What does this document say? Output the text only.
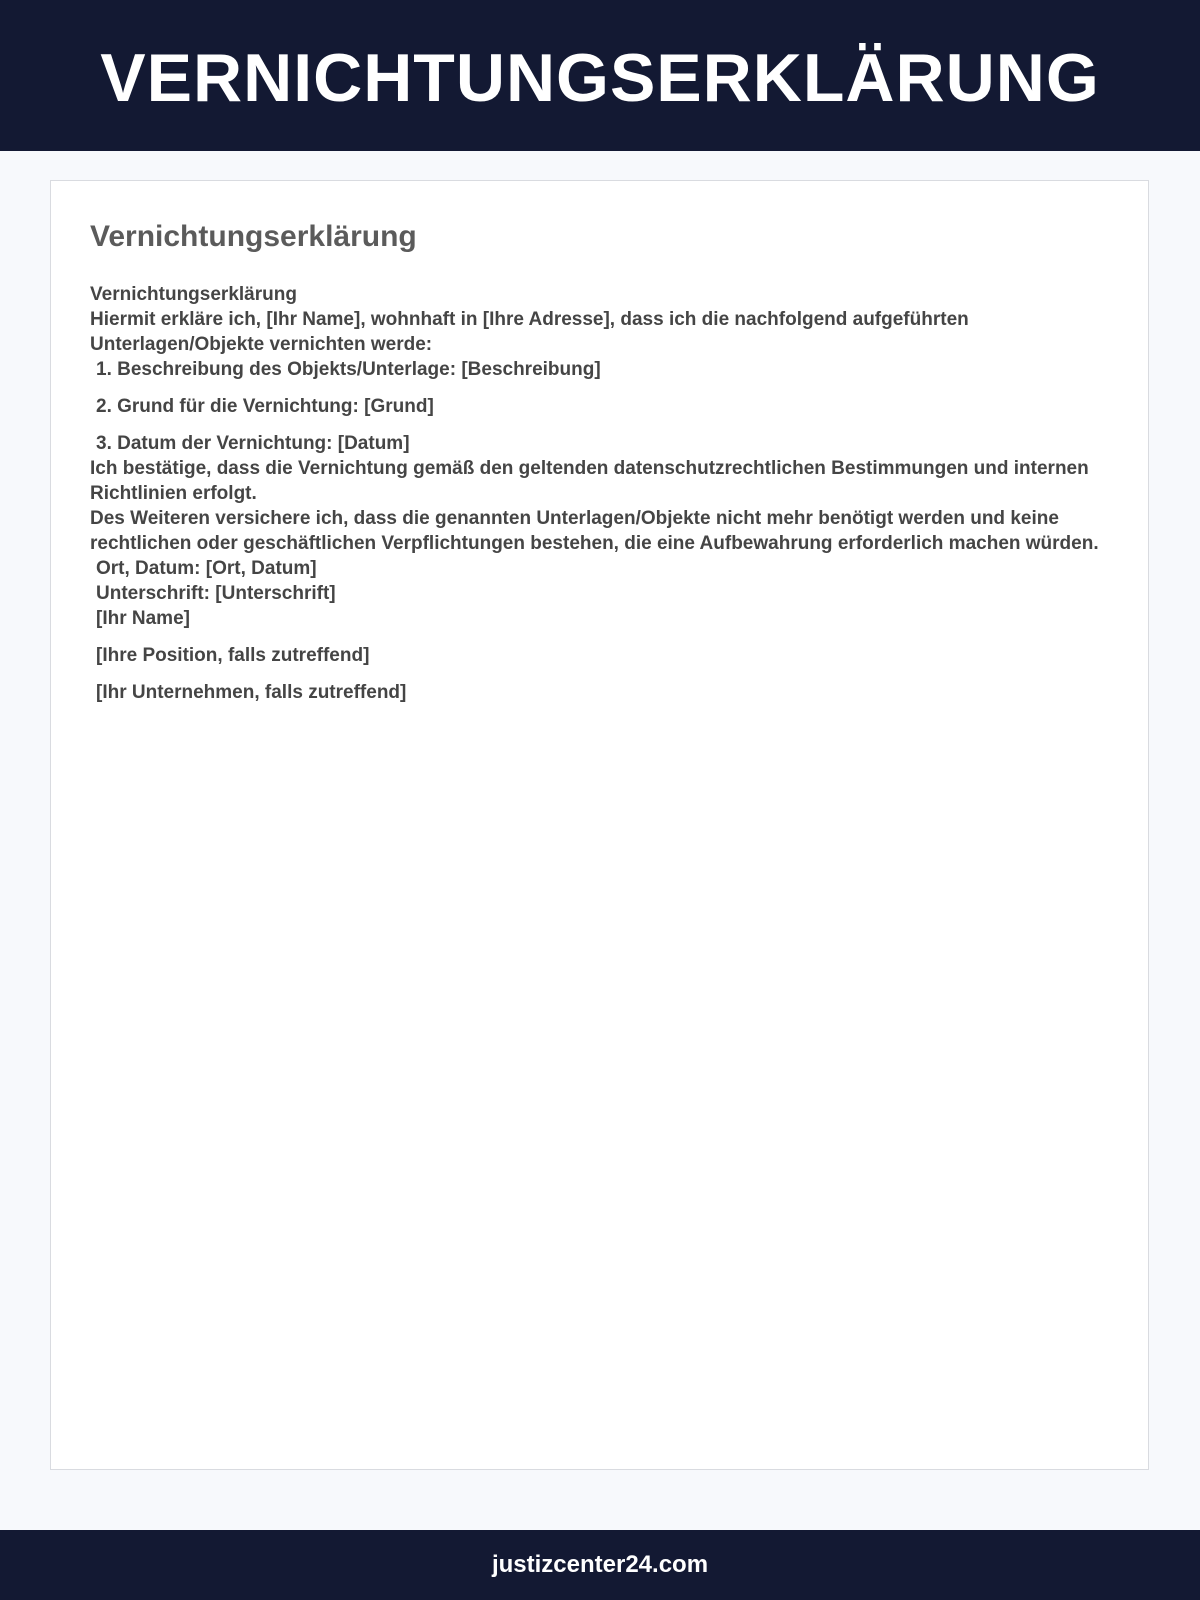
VERNICHTUNGSERKLÄRUNG
Vernichtungserklärung
Vernichtungserklärung
Hiermit erkläre ich, [Ihr Name], wohnhaft in [Ihre Adresse], dass ich die nachfolgend aufgeführten Unterlagen/Objekte vernichten werde:
1. Beschreibung des Objekts/Unterlage: [Beschreibung]
2. Grund für die Vernichtung: [Grund]
3. Datum der Vernichtung: [Datum]
Ich bestätige, dass die Vernichtung gemäß den geltenden datenschutzrechtlichen Bestimmungen und internen Richtlinien erfolgt.
Des Weiteren versichere ich, dass die genannten Unterlagen/Objekte nicht mehr benötigt werden und keine rechtlichen oder geschäftlichen Verpflichtungen bestehen, die eine Aufbewahrung erforderlich machen würden.
Ort, Datum: [Ort, Datum]
Unterschrift: [Unterschrift]
[Ihr Name]
[Ihre Position, falls zutreffend]
[Ihr Unternehmen, falls zutreffend]
justizcenter24.com
